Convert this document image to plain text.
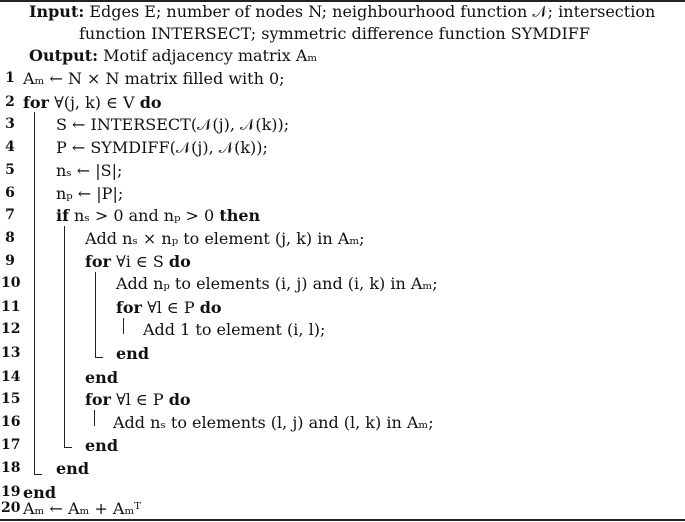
Input: Edges E; number of nodes N; neighbourhood function 𝒩; intersection
function INTERSECT; symmetric difference function SYMDIFF
Output: Motif adjacency matrix Aₘ
1 Aₘ ← N × N matrix filled with 0;
2 for ∀(j, k) ∈ V do
3	S ← INTERSECT(𝒩(j), 𝒩(k));
4	P ← SYMDIFF(𝒩(j), 𝒩(k));
5	nₛ ← |S|;
6	nₚ ← |P|;
7	if nₛ > 0 and nₚ > 0 then
8	Add nₛ × nₚ to element (j, k) in Aₘ;
9	for ∀i ∈ S do
10	Add nₚ to elements (i, j) and (i, k) in Aₘ;
11	for ∀l ∈ P do
12	Add 1 to element (i, l);
13	end
14	end
15	for ∀l ∈ P do
16	Add nₛ to elements (l, j) and (l, k) in Aₘ;
17	end
18 end
19 end
20 Aₘ ← Aₘ + Aₘᵀ
